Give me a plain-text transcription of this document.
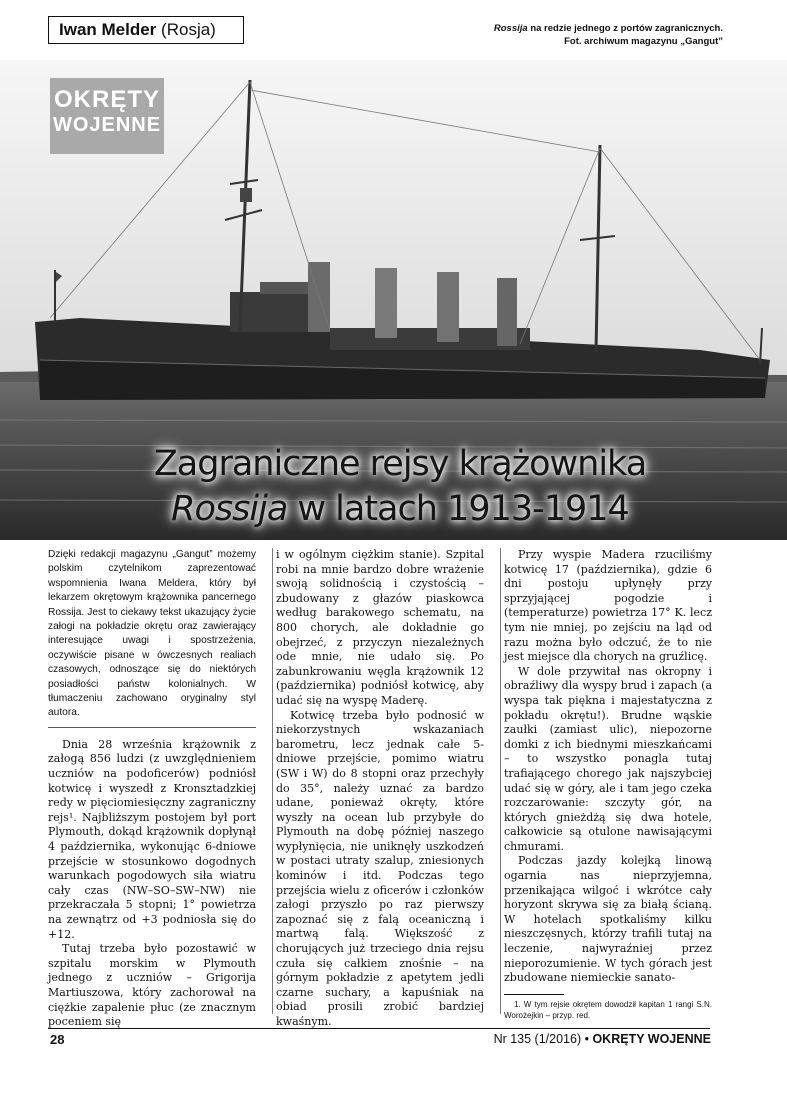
Iwan Melder (Rosja)	Rossija na redzie jednego z portów zagranicznych.
Fot. archiwum magazynu „Gangut”
OKRĘTY
WOJENNE
Zagraniczne rejsy krążownika
Rossija w latach 1913-1914
Dzięki redakcji magazynu „Gangut” możemy polskim czytelnikom zaprezentować wspomnienia Iwana Meldera, który był lekarzem okrętowym krążownika pancernego Rossija. Jest to ciekawy tekst ukazujący życie załogi na pokładzie okrętu oraz zawierający interesujące uwagi i spostrzeżenia, oczywiście pisane w ówczesnych realiach czasowych, odnoszące się do niektórych posiadłości państw kolonialnych. W tłumaczeniu zachowano oryginalny styl autora.

Dnia 28 września krążownik z załogą 856 ludzi (z uwzględnieniem uczniów na podoficerów) podniósł kotwicę i wyszedł z Kronsztadzkiej redy w pięciomiesięczny zagraniczny rejs¹. Najbliższym postojem był port Plymouth, dokąd krążownik dopłynął 4 października, wykonując 6-dniowe przejście w stosunkowo dogodnych warunkach pogodowych siła wiatru cały czas (NW–SO–SW–NW) nie przekraczała 5 stopni; 1° powietrza na zewnątrz od +3 podniosła się do +12.

Tutaj trzeba było pozostawić w szpitalu morskim w Plymouth jednego z uczniów – Grigorija Martiuszowa, który zachorował na ciężkie zapalenie płuc (ze znacznym poceniem się

i w ogólnym ciężkim stanie). Szpital robi na mnie bardzo dobre wrażenie swoją solidnością i czystością – zbudowany z głazów piaskowca według barakowego schematu, na 800 chorych, ale dokładnie go obejrzeć, z przyczyn niezależnych ode mnie, nie udało się. Po zabunkrowaniu węgla krążownik 12 (października) podniósł kotwicę, aby udać się na wyspę Maderę.

Kotwicę trzeba było podnosić w niekorzystnych wskazaniach barometru, lecz jednak całe 5-dniowe przejście, pomimo wiatru (SW i W) do 8 stopni oraz przechyły do 35°, należy uznać za bardzo udane, ponieważ okręty, które wyszły na ocean lub przybyłe do Plymouth na dobę później naszego wypłynięcia, nie uniknęły uszkodzeń w postaci utraty szalup, zniesionych kominów i itd. Podczas tego przejścia wielu z oficerów i członków załogi przyszło po raz pierwszy zapoznać się z falą oceaniczną i martwą falą. Większość z chorujących już trzeciego dnia rejsu czuła się całkiem znośnie – na górnym pokładzie z apetytem jedli czarne suchary, a kapuśniak na obiad prosili zrobić bardziej kwaśnym.

Przy wyspie Madera rzuciliśmy kotwicę 17 (października), gdzie 6 dni postoju upłynęły przy sprzyjającej pogodzie i (temperaturze) powietrza 17° K. lecz tym nie mniej, po zejściu na ląd od razu można było odczuć, że to nie jest miejsce dla chorych na gruźlicę.

W dole przywitał nas okropny i obraźliwy dla wyspy brud i zapach (a wyspa tak piękna i majestatyczna z pokładu okrętu!). Brudne wąskie zaułki (zamiast ulic), niepozorne domki z ich biednymi mieszkańcami – to wszystko ponagla tutaj trafiającego chorego jak najszybciej udać się w góry, ale i tam jego czeka rozczarowanie: szczyty gór, na których gnieżdżą się dwa hotele, całkowicie są otulone nawisającymi chmurami.

Podczas jazdy kolejką linową ogarnia nas nieprzyjemna, przenikająca wilgoć i wkrótce cały horyzont skrywa się za białą ścianą. W hotelach spotkaliśmy kilku nieszczęsnych, którzy trafili tutaj na leczenie, najwyraźniej przez nieporozumienie. W tych górach jest zbudowane niemieckie sanato-

1. W tym rejsie okrętem dowodził kapitan 1 rangi S.N. Worożejkin – przyp. red.
28	Nr 135 (1/2016) • OKRĘTY WOJENNE
